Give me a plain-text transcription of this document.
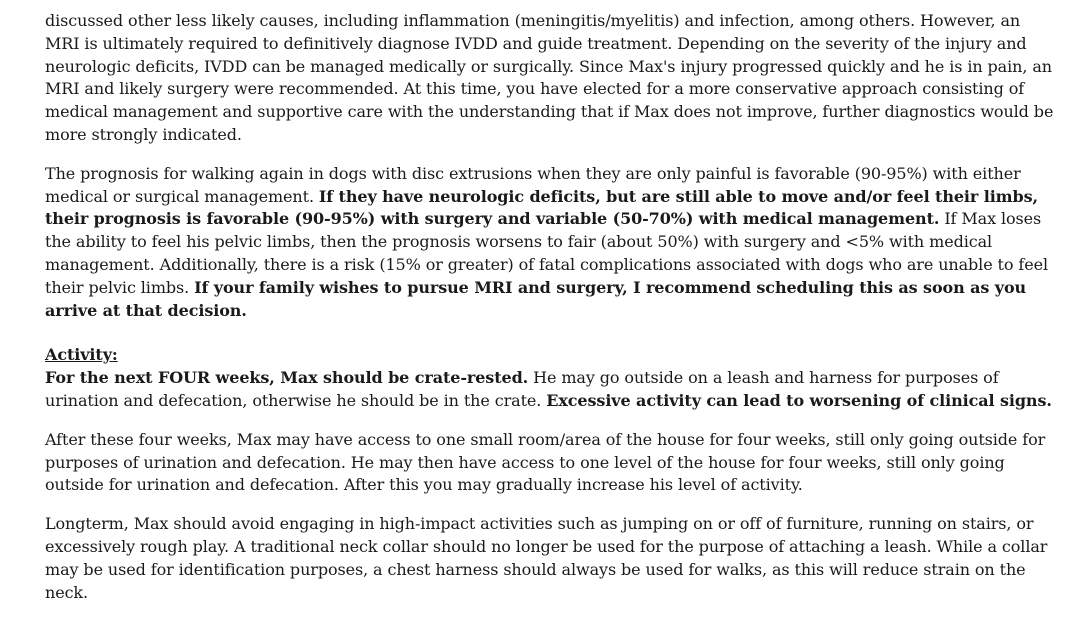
discussed other less likely causes, including inflammation (meningitis/myelitis) and infection, among others. However, an MRI is ultimately required to definitively diagnose IVDD and guide treatment. Depending on the severity of the injury and neurologic deficits, IVDD can be managed medically or surgically. Since Max's injury progressed quickly and he is in pain, an MRI and likely surgery were recommended. At this time, you have elected for a more conservative approach consisting of medical management and supportive care with the understanding that if Max does not improve, further diagnostics would be more strongly indicated.

The prognosis for walking again in dogs with disc extrusions when they are only painful is favorable (90-95%) with either medical or surgical management. If they have neurologic deficits, but are still able to move and/or feel their limbs, their prognosis is favorable (90-95%) with surgery and variable (50-70%) with medical management. If Max loses the ability to feel his pelvic limbs, then the prognosis worsens to fair (about 50%) with surgery and <5% with medical management. Additionally, there is a risk (15% or greater) of fatal complications associated with dogs who are unable to feel their pelvic limbs. If your family wishes to pursue MRI and surgery, I recommend scheduling this as soon as you arrive at that decision.

Activity:

For the next FOUR weeks, Max should be crate-rested. He may go outside on a leash and harness for purposes of urination and defecation, otherwise he should be in the crate. Excessive activity can lead to worsening of clinical signs.

After these four weeks, Max may have access to one small room/area of the house for four weeks, still only going outside for purposes of urination and defecation. He may then have access to one level of the house for four weeks, still only going outside for urination and defecation. After this you may gradually increase his level of activity.

Longterm, Max should avoid engaging in high-impact activities such as jumping on or off of furniture, running on stairs, or excessively rough play. A traditional neck collar should no longer be used for the purpose of attaching a leash. While a collar may be used for identification purposes, a chest harness should always be used for walks, as this will reduce strain on the neck.
